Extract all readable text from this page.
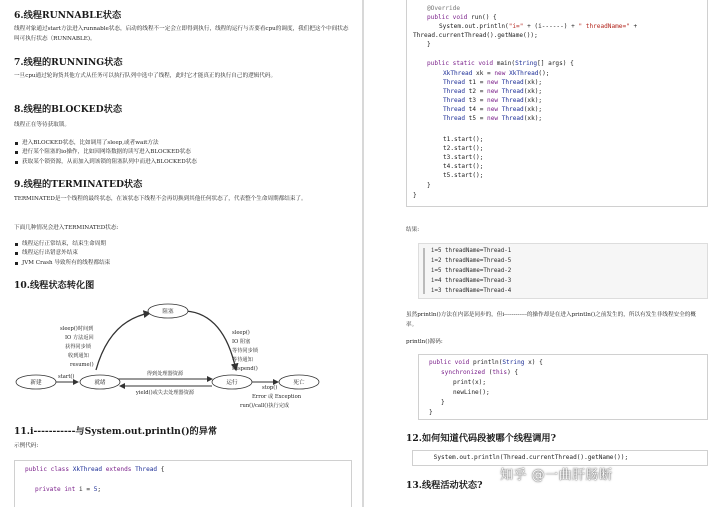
6.线程RUNNABLE状态
线程对象通过start方法进入runnable状态，启动的线程不一定会立即得到执行，线程的运行与否要看cpu的调度，我们把这个中间状态叫可执行状态（RUNNABLE)。
7.线程的RUNNING状态
一旦cpu通过轮询货其他方式从任务可以执行队列中选中了线程，此时它才能真正的执行自己的逻辑代码。
8.线程的BLOCKED状态
线程正在等待获取锁。
进入BLOCKED状态，比如调用了sleep,或者wait方法
进行某个阻塞的io操作，比如因网络数据的读写进入BLOCKED状态
获取某个锁资源，从而加入到该锁的阻塞队列中而进入BLOCKED状态
9.线程的TERMINATED状态
TERMINATED是一个线程的最终状态，在该状态下线程不会再切换到其他任何状态了，代表整个生命周期都结束了。
下面几种情况会进入TERMINATED状态:
线程运行正常结束，结束生命周期
线程运行出错意外结束
JVM Crash 导致所有的线程都结束
10.线程状态转化图
新建	就绪	运行	死亡
阻塞
start()	得到处理器资源
yield()或失去处理器资源
sleep()时间到
IO 方法返回
获得同步锁
收到通知
resume()
sleep()
IO 阻塞
等待同步锁
等待通知
suspend()
stop()
Error 或 Exception
run()/call()执行完成
11.i-----------与System.out.println()的异常
示例代码:
public class XkThread extends Thread {
private int i = 5;
@Override
public void run() {
System.out.println("i=" + (i------) + " threadName=" +
Thread.currentThread().getName());
}
public static void main(String[] args) {
XkThread xk = new XkThread();
Thread t1 = new Thread(xk);
Thread t2 = new Thread(xk);
Thread t3 = new Thread(xk);
Thread t4 = new Thread(xk);
Thread t5 = new Thread(xk);
t1.start();
t2.start();
t3.start();
t4.start();
t5.start();
}
}
结果:
i=5 threadName=Thread-1
i=2 threadName=Thread-5
i=5 threadName=Thread-2
i=4 threadName=Thread-3
i=3 threadName=Thread-4
虽然println()方法在内部是同步的，但i------------的操作却是在进入println()之前发生的，所以有发生非线程安全的概率。
println()源码:
public void println(String x) {
synchronized (this) {
print(x);
newLine();
}
}
12.如何知道代码段被哪个线程调用?
System.out.println(Thread.currentThread().getName());
13.线程活动状态?
知乎 @一曲肝肠断
